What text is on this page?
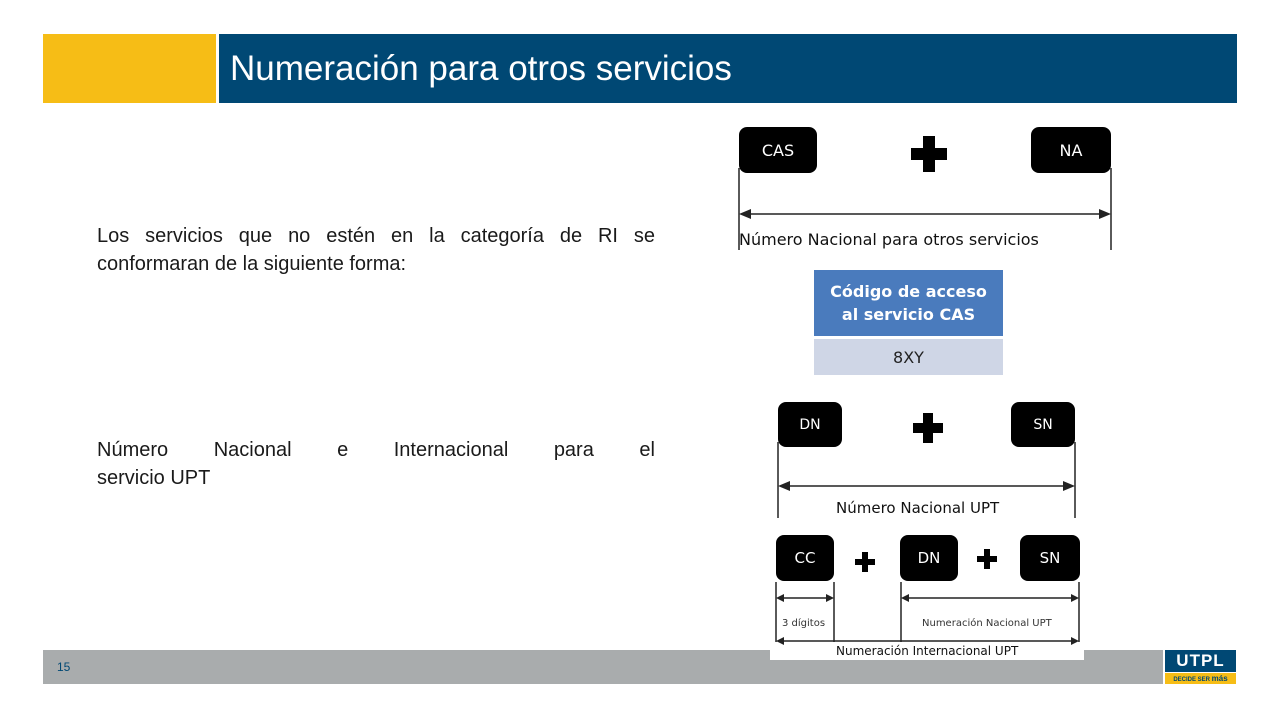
Numeración para otros servicios
Los servicios que no estén en la categoría de RI se conformaran de la siguiente forma:
Número Nacional e Internacional para el
servicio UPT
CAS	NA
Número Nacional para otros servicios
Código de acceso
al servicio CAS
8XY
DN	SN
Número Nacional UPT
15
CC	DN	SN
3 dígitos	Numeración Nacional UPT
Numeración Internacional UPT	UTPL
DECIDE SER más
